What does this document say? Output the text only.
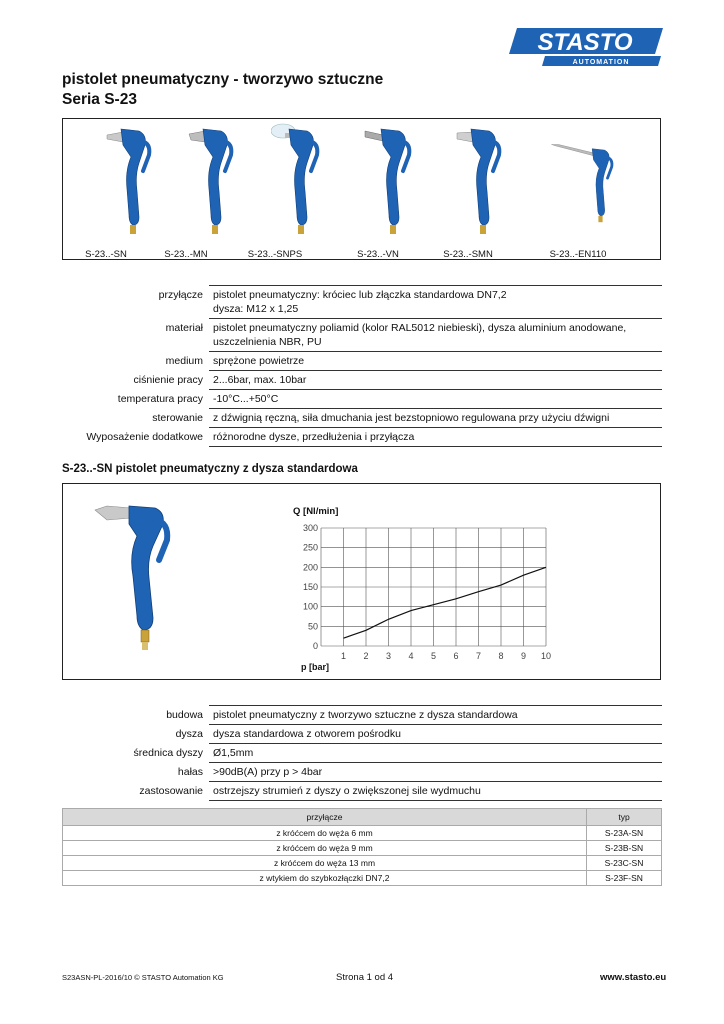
STASTO
AUTOMATION
pistolet pneumatyczny - tworzywo sztuczne
Seria S-23
S-23..-SN	S-23..-MN	S-23..-SNPS	S-23..-VN	S-23..-SMN	S-23..-EN110
przyłącze	pistolet pneumatyczny: króciec lub złączka standardowa DN7,2
dysza: M12 x 1,25
materiał	pistolet pneumatyczny poliamid (kolor RAL5012 niebieski), dysza aluminium anodowane, uszczelnienia NBR, PU
medium	sprężone powietrze
ciśnienie pracy	2...6bar, max. 10bar
temperatura pracy	-10°C...+50°C
sterowanie	z dźwignią ręczną, siła dmuchania jest bezstopniowo regulowana przy użyciu dźwigni
Wyposażenie dodatkowe	różnorodne dysze, przedłużenia i przyłącza
S-23..-SN pistolet pneumatyczny z dysza standardowa
0
50
100
150
200
250
300
1 2 3 4 5 6 7 8 9 10
Q [Nl/min]
p [bar]
budowa	pistolet pneumatyczny z tworzywo sztuczne z dysza standardowa
dysza	dysza standardowa z otworem pośrodku
średnica dyszy	Ø1,5mm
hałas	>90dB(A) przy p > 4bar
zastosowanie	ostrzejszy strumień z dyszy o zwiększonej sile wydmuchu
przyłącze	typ
z króćcem do węża 6 mm	S-23A-SN
z króćcem do węża 9 mm	S-23B-SN
z króćcem do węża 13 mm	S-23C-SN
z wtykiem do szybkozłączki DN7,2	S-23F-SN
S23ASN-PL-2016/10 © STASTO Automation KG	Strona 1 od 4	www.stasto.eu
